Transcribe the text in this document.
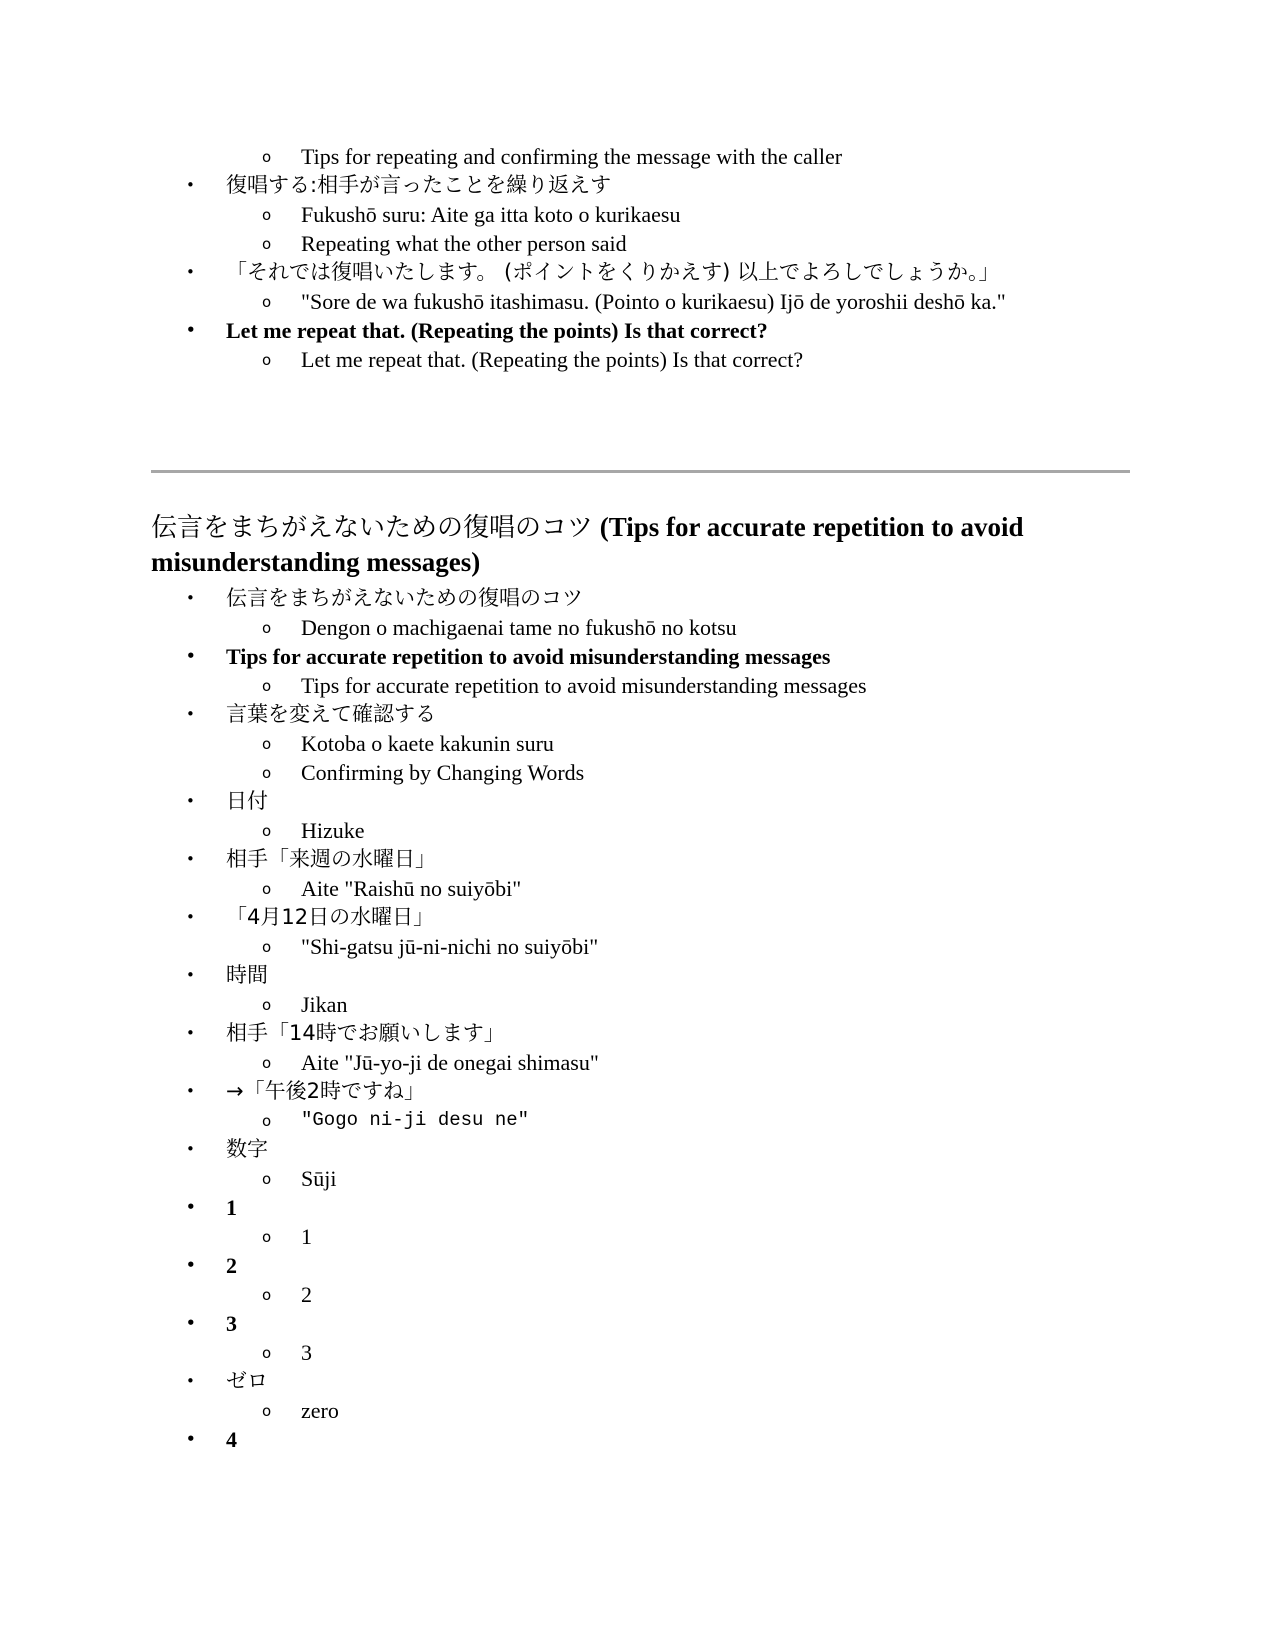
o Tips for repeating and confirming the message with the caller
• 復唱する:相手が言ったことを繰り返えす
o Fukushō suru: Aite ga itta koto o kurikaesu
o Repeating what the other person said
• 「それでは復唱いたします。 (ポイントをくりかえす) 以上でよろしでしょうか。」
o "Sore de wa fukushō itashimasu. (Pointo o kurikaesu) Ijō de yoroshii deshō ka."
• Let me repeat that. (Repeating the points) Is that correct?
o Let me repeat that. (Repeating the points) Is that correct?
伝言をまちがえないための復唱のコツ (Tips for accurate repetition to avoid misunderstanding messages)
• 伝言をまちがえないための復唱のコツ
o Dengon o machigaenai tame no fukushō no kotsu
• Tips for accurate repetition to avoid misunderstanding messages
o Tips for accurate repetition to avoid misunderstanding messages
• 言葉を変えて確認する
o Kotoba o kaete kakunin suru
o Confirming by Changing Words
• 日付
o Hizuke
• 相手「来週の水曜日」
o Aite "Raishū no suiyōbi"
• 「4月12日の水曜日」
o "Shi-gatsu jū-ni-nichi no suiyōbi"
• 時間
o Jikan
• 相手「14時でお願いします」
o Aite "Jū-yo-ji de onegai shimasu"
• →「午後2時ですね」
o "Gogo ni-ji desu ne"
• 数字
o Sūji
• 1
o 1
• 2
o 2
• 3
o 3
• ゼロ
o zero
• 4
